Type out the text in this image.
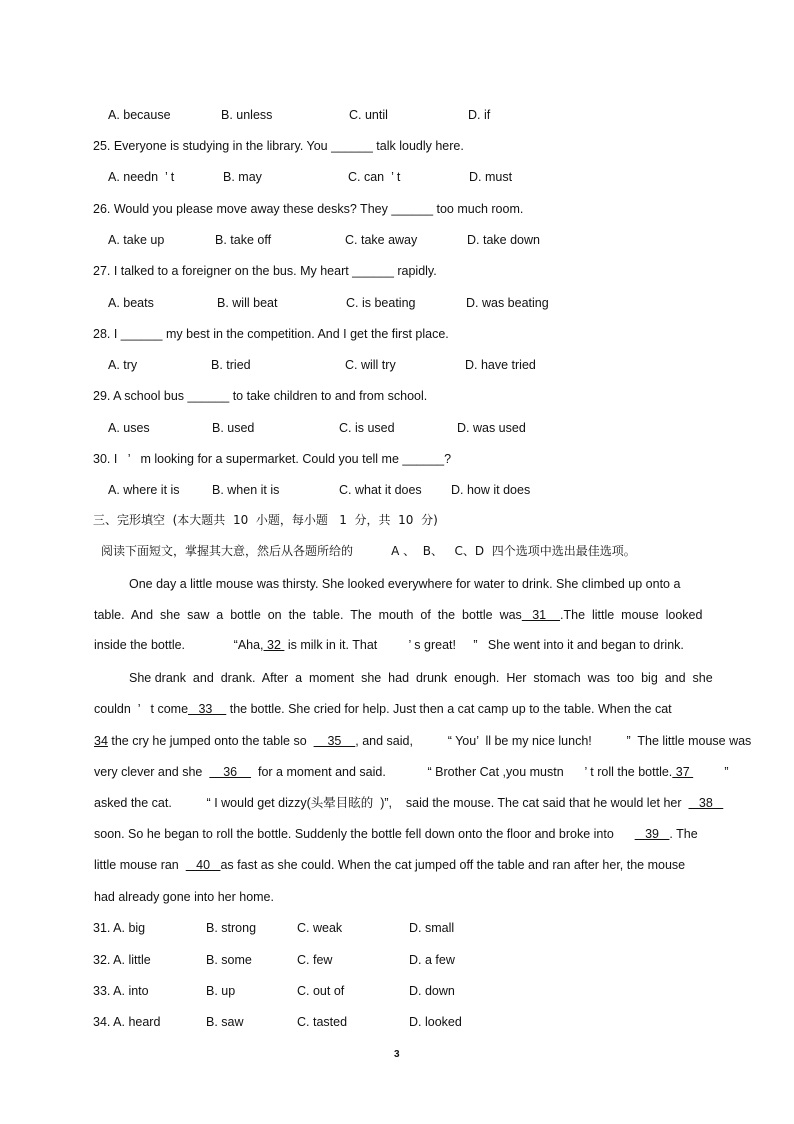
A. because	B. unless	C. until	D. if
25. Everyone is studying in the library. You ______ talk loudly here.
A. needn  ’ t	B. may	C. can  ’ t	D. must
26. Would you please move away these desks? They ______ too much room.
A. take up	B. take off	C. take away	D. take down
27. I talked to a foreigner on the bus. My heart ______ rapidly.
A. beats	B. will beat	C. is beating	D. was beating
28. I ______ my best in the competition. And I get the first place.
A. try	B. tried	C. will try	D. have tried
29. A school bus ______ to take children to and from school.
A. uses	B. used	C. is used	D. was used
30. I   ’   m looking for a supermarket. Could you tell me ______?
A. where it is	B. when it is	C. what it does D. how it does
三、完形填空  (本大题共  10  小题，每小题   1  分，共  10  分)
阅读下面短文，掌握其大意，然后从各题所给的          A 、  B、   C、D  四个选项中选出最佳选项。
One day a little mouse was thirsty. She looked everywhere for water to drink. She climbed up onto a
table.  And  she  saw  a  bottle  on  the  table.  The  mouth  of  the  bottle  was   31    .The  little  mouse  looked
inside the bottle.              “Aha, 32  is milk in it. That         ’ s great!     ”   She went into it and began to drink.
She drank  and  drank.  After  a  moment  she  had  drunk  enough.  Her  stomach  was  too  big  and  she
couldn  ’   t come   33     the bottle. She cried for help. Just then a cat camp up to the table. When the cat
34 the cry he jumped onto the table so      35    , and said,          “ You’  ll be my nice lunch!          ”  The little mouse was
very clever and she      36      for a moment and said.            “ Brother Cat ,you mustn      ’ t roll the bottle. 37          ”
asked the cat.          “ I would get dizzy(头晕目眩的  )”,    said the mouse. The cat said that he would let her     38
soon. So he began to roll the bottle. Suddenly the bottle fell down onto the floor and broke into         39   . The
little mouse ran     40   as fast as she could. When the cat jumped off the table and ran after her, the mouse
had already gone into her home.
31. A. big	B. strong	C. weak	D. small
32. A. little	B. some	C. few	D. a few
33. A. into	B. up	C. out of	D. down
34. A. heard	B. saw	C. tasted	D. looked
3
